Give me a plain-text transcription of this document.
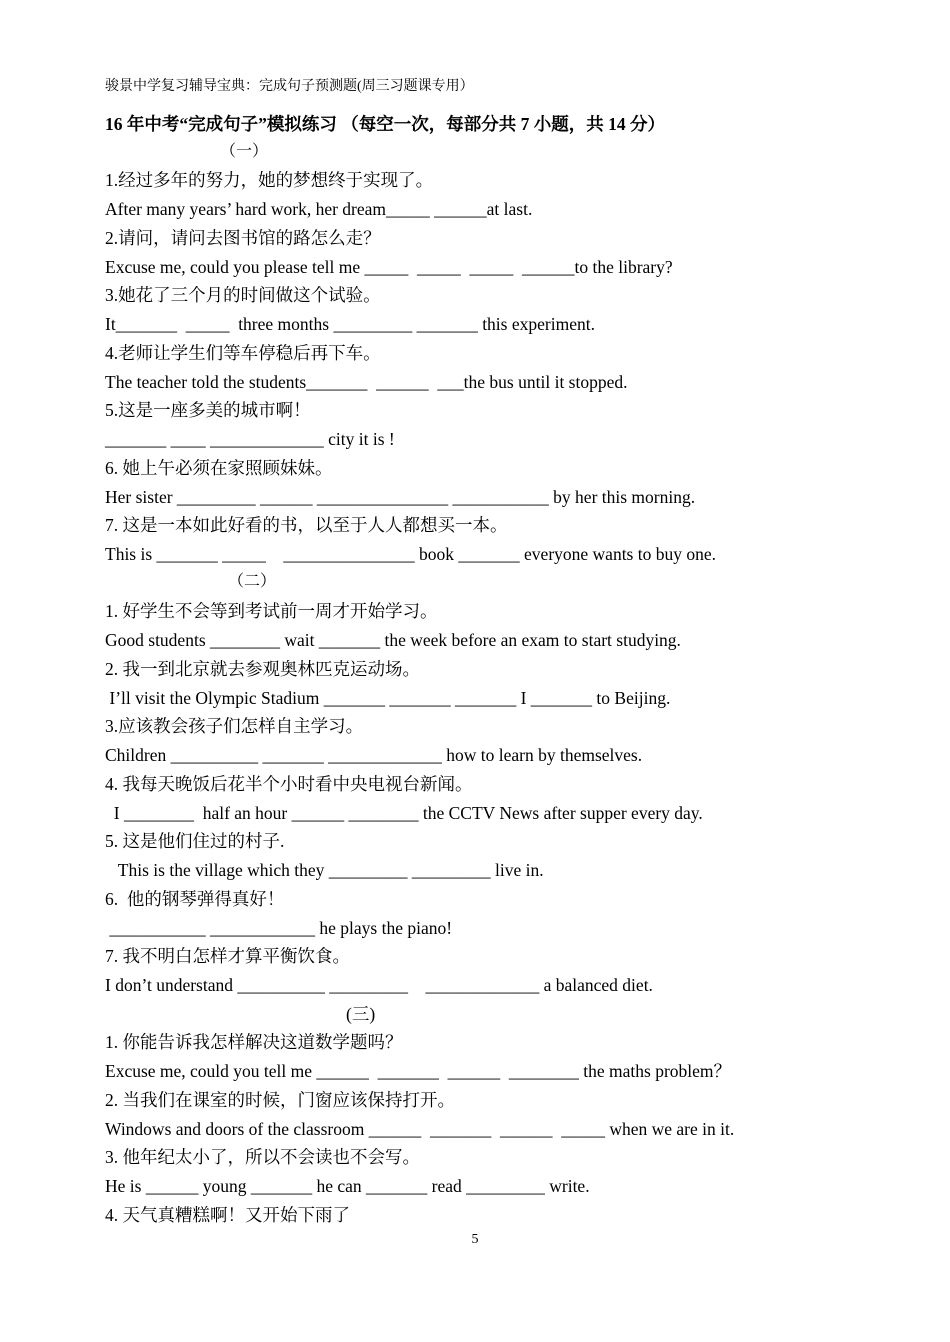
骏景中学复习辅导宝典：完成句子预测题(周三习题课专用）
16 年中考“完成句子”模拟练习 （每空一次，每部分共 7 小题，共 14 分）
（一）
1.经过多年的努力，她的梦想终于实现了。
After many years’ hard work, her dream_____ ______at last.
2.请问，请问去图书馆的路怎么走？
Excuse me, could you please tell me _____  _____  _____  ______to the library?
3.她花了三个月的时间做这个试验。
It_______  _____  three months _________ _______ this experiment.
4.老师让学生们等车停稳后再下车。
The teacher told the students_______  ______  ___the bus until it stopped.
5.这是一座多美的城市啊！
_______ ____ _____________ city it is !
6. 她上午必须在家照顾妹妹。
Her sister _________ ______ _______________ ___________ by her this morning.
7. 这是一本如此好看的书，以至于人人都想买一本。
This is _______ _____    _______________ book _______ everyone wants to buy one.
（二）
1. 好学生不会等到考试前一周才开始学习。
Good students ________ wait _______ the week before an exam to start studying.
2. 我一到北京就去参观奥林匹克运动场。
I’ll visit the Olympic Stadium _______ _______ _______ I _______ to Beijing.
3.应该教会孩子们怎样自主学习。
Children __________ _______ _____________ how to learn by themselves.
4. 我每天晚饭后花半个小时看中央电视台新闻。
I ________  half an hour ______ ________ the CCTV News after supper every day.
5. 这是他们住过的村子.
This is the village which they _________ _________ live in.
6.  他的钢琴弹得真好！
___________ ____________ he plays the piano!
7. 我不明白怎样才算平衡饮食。
I don’t understand __________ _________    _____________ a balanced diet.
(三)
1. 你能告诉我怎样解决这道数学题吗？
Excuse me, could you tell me ______  _______  ______  ________ the maths problem？
2. 当我们在课室的时候，门窗应该保持打开。
Windows and doors of the classroom ______  _______  ______  _____ when we are in it.
3. 他年纪太小了，所以不会读也不会写。
He is ______ young _______ he can _______ read _________ write.
4. 天气真糟糕啊！又开始下雨了
5
